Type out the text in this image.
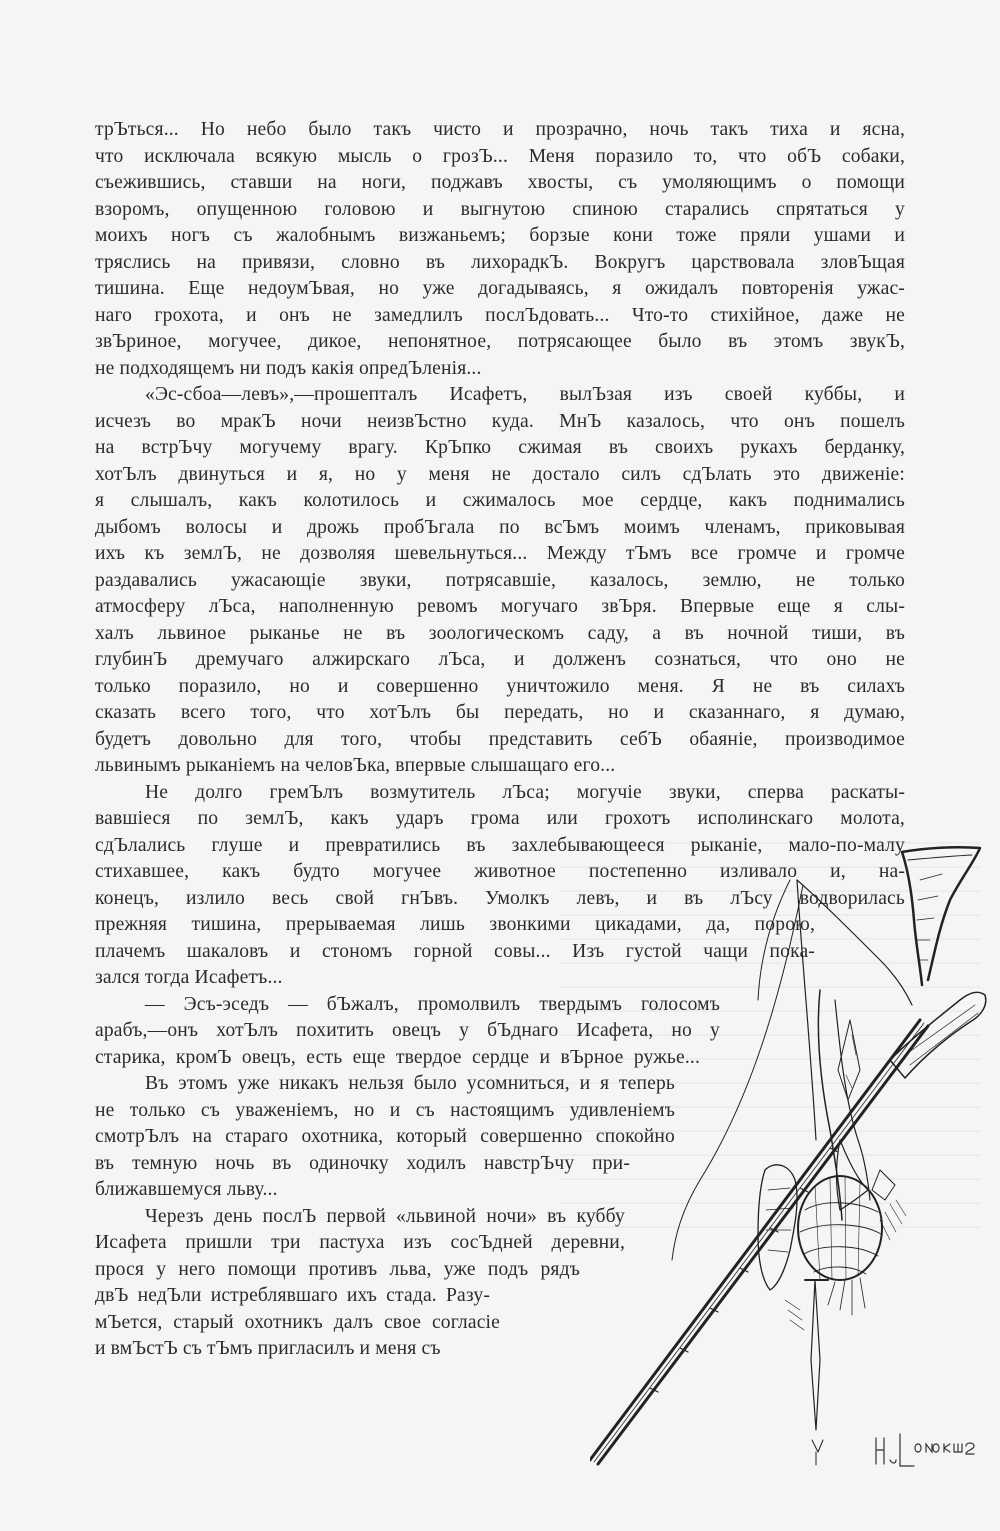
трЪться... Но небо было такъ чисто и прозрачно, ночь такъ тиха и ясна,
что исключала всякую мысль о грозЪ... Меня поразило то, что обЪ собаки,
съежившись, ставши на ноги, поджавъ хвосты, съ умоляющимъ о помощи
взоромъ, опущенною головою и выгнутою спиною старались спрятаться у
моихъ ногъ съ жалобнымъ визжаньемъ; борзые кони тоже пряли ушами и
тряслись на привязи, словно въ лихорадкЪ. Вокругъ царствовала зловЪщая
тишина. Еще недоумЪвая, но уже догадываясь, я ожидалъ повторенія ужас-
наго грохота, и онъ не замедлилъ послЪдовать... Что-то стихійное, даже не
звЪриное, могучее, дикое, непонятное, потрясающее было въ этомъ звукЪ,
не подходящемъ ни подъ какія опредЪленія...
«Эс-сбоа—левъ»,—прошепталъ Исафетъ, вылЪзая изъ своей куббы, и
исчезъ во мракЪ ночи неизвЪстно куда. МнЪ казалось, что онъ пошелъ
на встрЪчу могучему врагу. КрЪпко сжимая въ своихъ рукахъ берданку,
хотЪлъ двинуться и я, но у меня не достало силъ сдЪлать это движеніе:
я слышалъ, какъ колотилось и сжималось мое сердце, какъ поднимались
дыбомъ волосы и дрожь пробЪгала по всЪмъ моимъ членамъ, приковывая
ихъ къ землЪ, не дозволяя шевельнуться... Между тЪмъ все громче и громче
раздавались ужасающіе звуки, потрясавшіе, казалось, землю, не только
атмосферу лЪса, наполненную ревомъ могучаго звЪря. Впервые еще я слы-
халъ львиное рыканье не въ зоологическомъ саду, а въ ночной тиши, въ
глубинЪ дремучаго алжирскаго лЪса, и долженъ сознаться, что оно не
только поразило, но и совершенно уничтожило меня. Я не въ силахъ
сказать всего того, что хотЪлъ бы передать, но и сказаннаго, я думаю,
будетъ довольно для того, чтобы представить себЪ обаяніе, производимое
львинымъ рыканіемъ на человЪка, впервые слышащаго его...
Не долго гремЪлъ возмутитель лЪса; могучіе звуки, сперва раскаты-
вавшіеся по землЪ, какъ ударъ грома или грохотъ исполинскаго молота,
сдЪлались глуше и превратились въ захлебывающееся рыканіе, мало-по-малу
стихавшее, какъ будто могучее животное постепенно изливало и, на-
конецъ, излило весь свой гнЪвъ. Умолкъ левъ, и въ лЪсу водворилась
прежняя тишина, прерываемая лишь звонкими цикадами, да, порою,
плачемъ шакаловъ и стономъ горной совы... Изъ густой чащи пока-
зался тогда Исафетъ...
— Эсъ-эседъ — бЪжалъ, промолвилъ твердымъ голосомъ
арабъ,—онъ хотЪлъ похитить овецъ у бЪднаго Исафета, но у
старика, кромЪ овецъ, есть еще твердое сердце и вЪрное ружье...
Въ этомъ уже никакъ нельзя было усомниться, и я теперь
не только съ уваженіемъ, но и съ настоящимъ удивленіемъ
смотрЪлъ на стараго охотника, который совершенно спокойно
въ темную ночь въ одиночку ходилъ навстрЪчу при-
ближавшемуся льву...
Черезъ день послЪ первой «львиной ночи» въ куббу
Исафета пришли три пастуха изъ сосЪдней деревни,
прося у него помощи противъ льва, уже подъ рядъ
двЪ недЪли истреблявшаго ихъ стада. Разу-
мЪется, старый охотникъ далъ свое согласіе
и вмЪстЪ съ тЪмъ пригласилъ и меня съ
